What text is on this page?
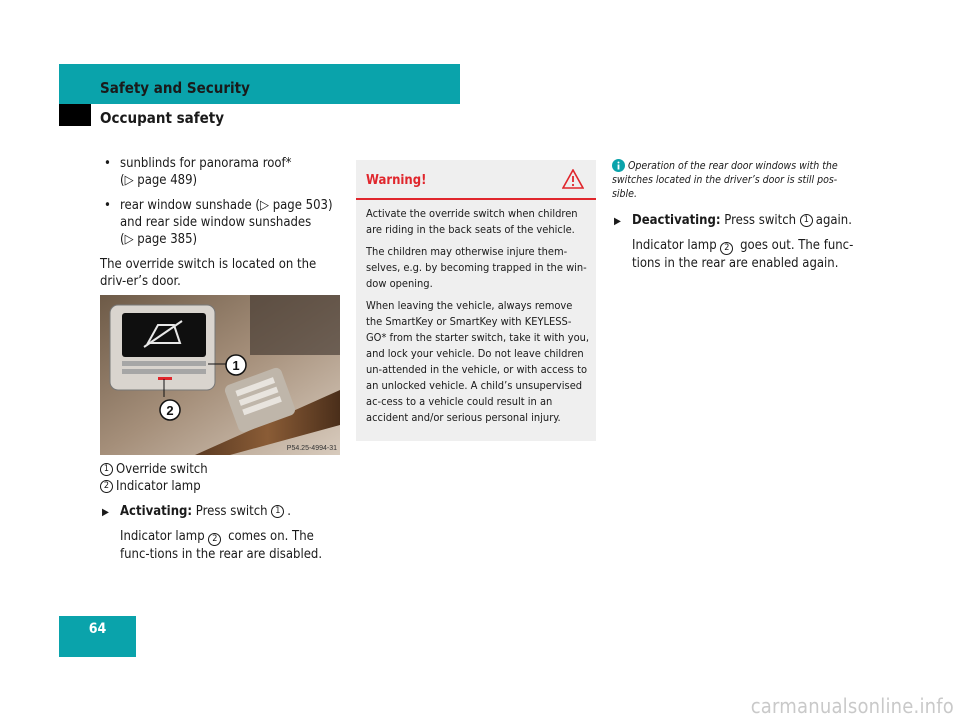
Safety and Security
Occupant safety
• sunblinds for panorama roof*
(▷ page 489)
• rear window sunshade (▷ page 503)
and rear side window sunshades
(▷ page 385)

The override switch is located on the driv-er’s door.

1
2
P54.25-4994-31
1 Override switch
2 Indicator lamp
▶ Activating:
Press switch
1 .
Indicator lamp 2 comes on. The func-tions in the rear are disabled.
Warning!

Activate the override switch when children are riding in the back seats of the vehicle.

The children may otherwise injure them-selves, e.g. by becoming trapped in the win-dow opening.

When leaving the vehicle, always remove the SmartKey or SmartKey with KEYLESS-GO* from the starter switch, take it with you, and lock your vehicle. Do not leave children un-attended in the vehicle, or with access to an unlocked vehicle. A child’s unsupervised ac-cess to a vehicle could result in an accident and/or serious personal injury.

Operation of the rear door windows with the switches located in the driver’s door is still pos-sible.
▶ Deactivating:
Press switch
1 again.
Indicator lamp 2 goes out. The func-tions in the rear are enabled again.
64
carmanualsonline.info
